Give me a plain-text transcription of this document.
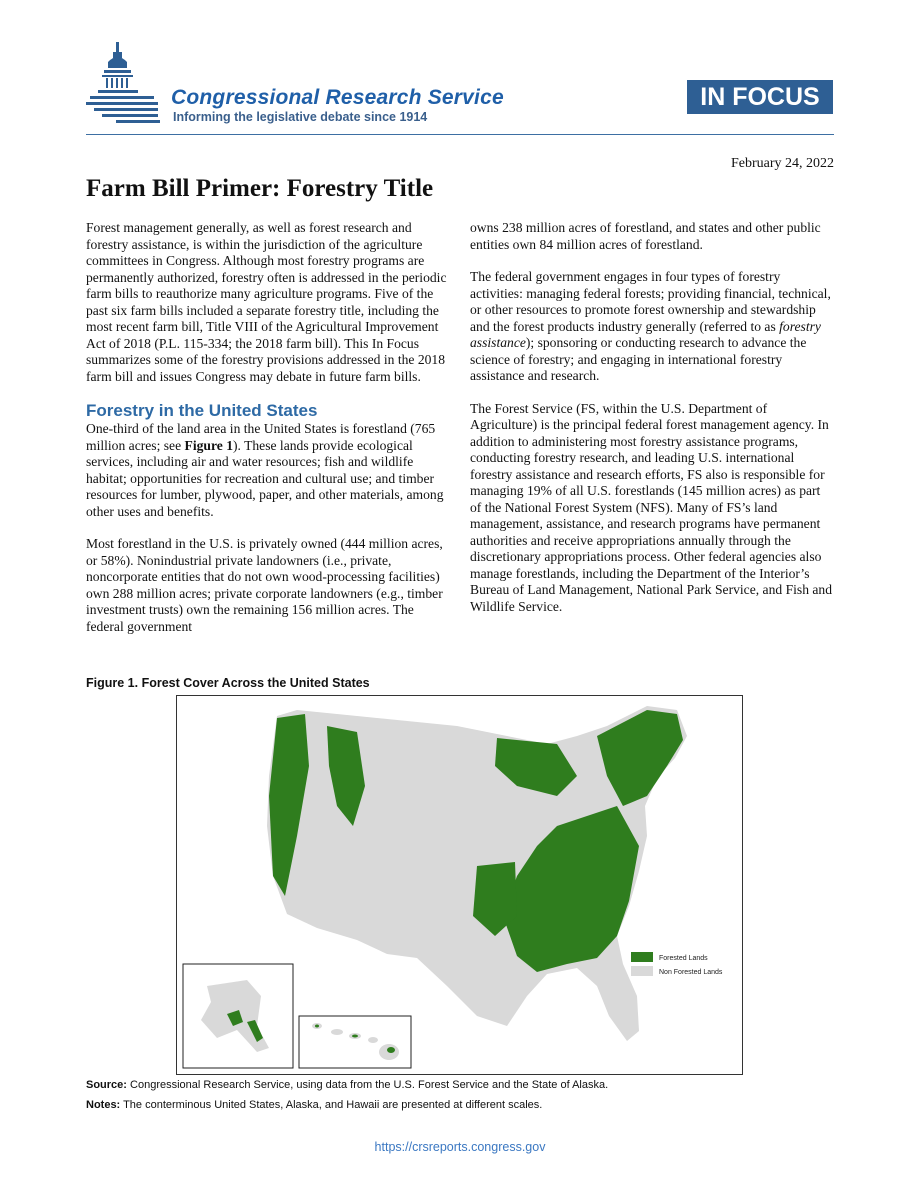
Congressional Research Service
Informing the legislative debate since 1914
IN FOCUS
February 24, 2022
Farm Bill Primer: Forestry Title

Forest management generally, as well as forest research and forestry assistance, is within the jurisdiction of the agriculture committees in Congress. Although most forestry programs are permanently authorized, forestry often is addressed in the periodic farm bills to reauthorize many agriculture programs. Five of the past six farm bills included a separate forestry title, including the most recent farm bill, Title VIII of the Agricultural Improvement Act of 2018 (P.L. 115-334; the 2018 farm bill). This In Focus summarizes some of the forestry provisions addressed in the 2018 farm bill and issues Congress may debate in future farm bills.

Forestry in the United States

One-third of the land area in the United States is forestland (765 million acres; see Figure 1). These lands provide ecological services, including air and water resources; fish and wildlife habitat; opportunities for recreation and cultural use; and timber resources for lumber, plywood, paper, and other materials, among other uses and benefits.

Most forestland in the U.S. is privately owned (444 million acres, or 58%). Nonindustrial private landowners (i.e., private, noncorporate entities that do not own wood-processing facilities) own 288 million acres; private corporate landowners (e.g., timber investment trusts) own the remaining 156 million acres. The federal government

owns 238 million acres of forestland, and states and other public entities own 84 million acres of forestland.

The federal government engages in four types of forestry activities: managing federal forests; providing financial, technical, or other resources to promote forest ownership and stewardship and the forest products industry generally (referred to as forestry assistance); sponsoring or conducting research to advance the science of forestry; and engaging in international forestry assistance and research.

The Forest Service (FS, within the U.S. Department of Agriculture) is the principal federal forest management agency. In addition to administering most forestry assistance programs, conducting forestry research, and leading U.S. international forestry assistance and research efforts, FS also is responsible for managing 19% of all U.S. forestlands (145 million acres) as part of the National Forest System (NFS). Many of FS’s land management, assistance, and research programs have permanent authorities and receive appropriations annually through the discretionary appropriations process. Other federal agencies also manage forestlands, including the Department of the Interior’s Bureau of Land Management, National Park Service, and Fish and Wildlife Service.

Figure 1. Forest Cover Across the United States
Forested Lands
Non Forested Lands
Source: Congressional Research Service, using data from the U.S. Forest Service and the State of Alaska.
Notes: The conterminous United States, Alaska, and Hawaii are presented at different scales.
https://crsreports.congress.gov
